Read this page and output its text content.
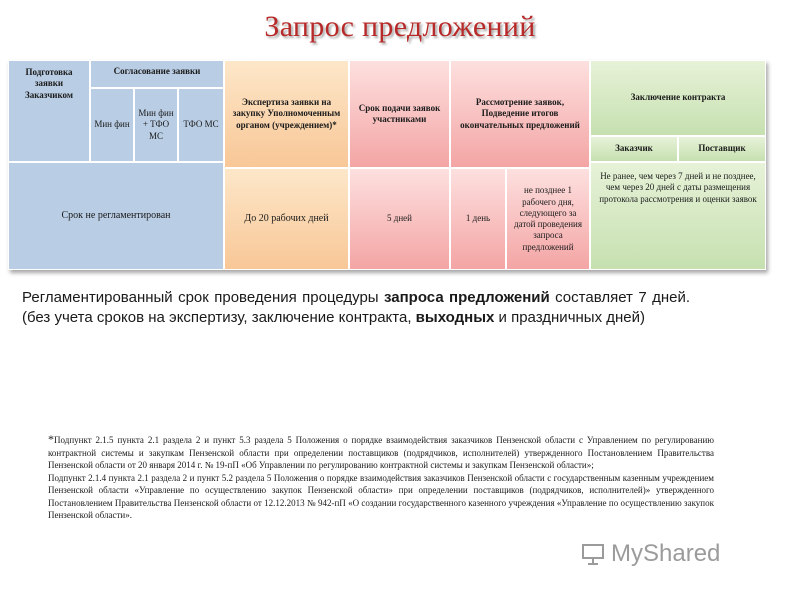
Запрос предложений
Подготовка заявки Заказчиком
Согласование заявки
Мин фин
Мин фин + ТФО МС
ТФО МС
Срок не регламентирован
Экспертиза заявки на закупку Уполномоченным органом (учреждением)*
До 20 рабочих дней
Срок подачи заявок участниками
5 дней
Рассмотрение заявок, Подведение итогов окончательных предложений
1 день
не позднее 1 рабочего дня, следующего за датой проведения запроса предложений
Заключение контракта
Заказчик	Поставщик
Не ранее, чем через 7 дней и не позднее, чем через 20 дней с даты размещения протокола рассмотрения и оценки заявок
Регламентированный срок проведения процедуры запроса предложений составляет 7 дней. (без учета сроков на экспертизу, заключение контракта, выходных и праздничных дней)

*Подпункт 2.1.5 пункта 2.1 раздела 2 и пункт 5.3 раздела 5 Положения о порядке взаимодействия заказчиков Пензенской области с Управлением по регулированию контрактной системы и закупкам Пензенской области при определении поставщиков (подрядчиков, исполнителей) утвержденного Постановлением Правительства Пензенской области от 20 января 2014 г. № 19-пП «Об Управлении по регулированию контрактной системы и закупкам Пензенской области»;

Подпункт 2.1.4 пункта 2.1 раздела 2 и пункт 5.2 раздела 5 Положения о порядке взаимодействия заказчиков Пензенской области с государственным казенным учреждением Пензенской области «Управление по осуществлению закупок Пензенской области» при определении поставщиков (подрядчиков, исполнителей)» утвержденного Постановлением Правительства Пензенской области от 12.12.2013 № 942-пП «О создании государственного казенного учреждения «Управление по осуществлению закупок Пензенской области».

MyShared
